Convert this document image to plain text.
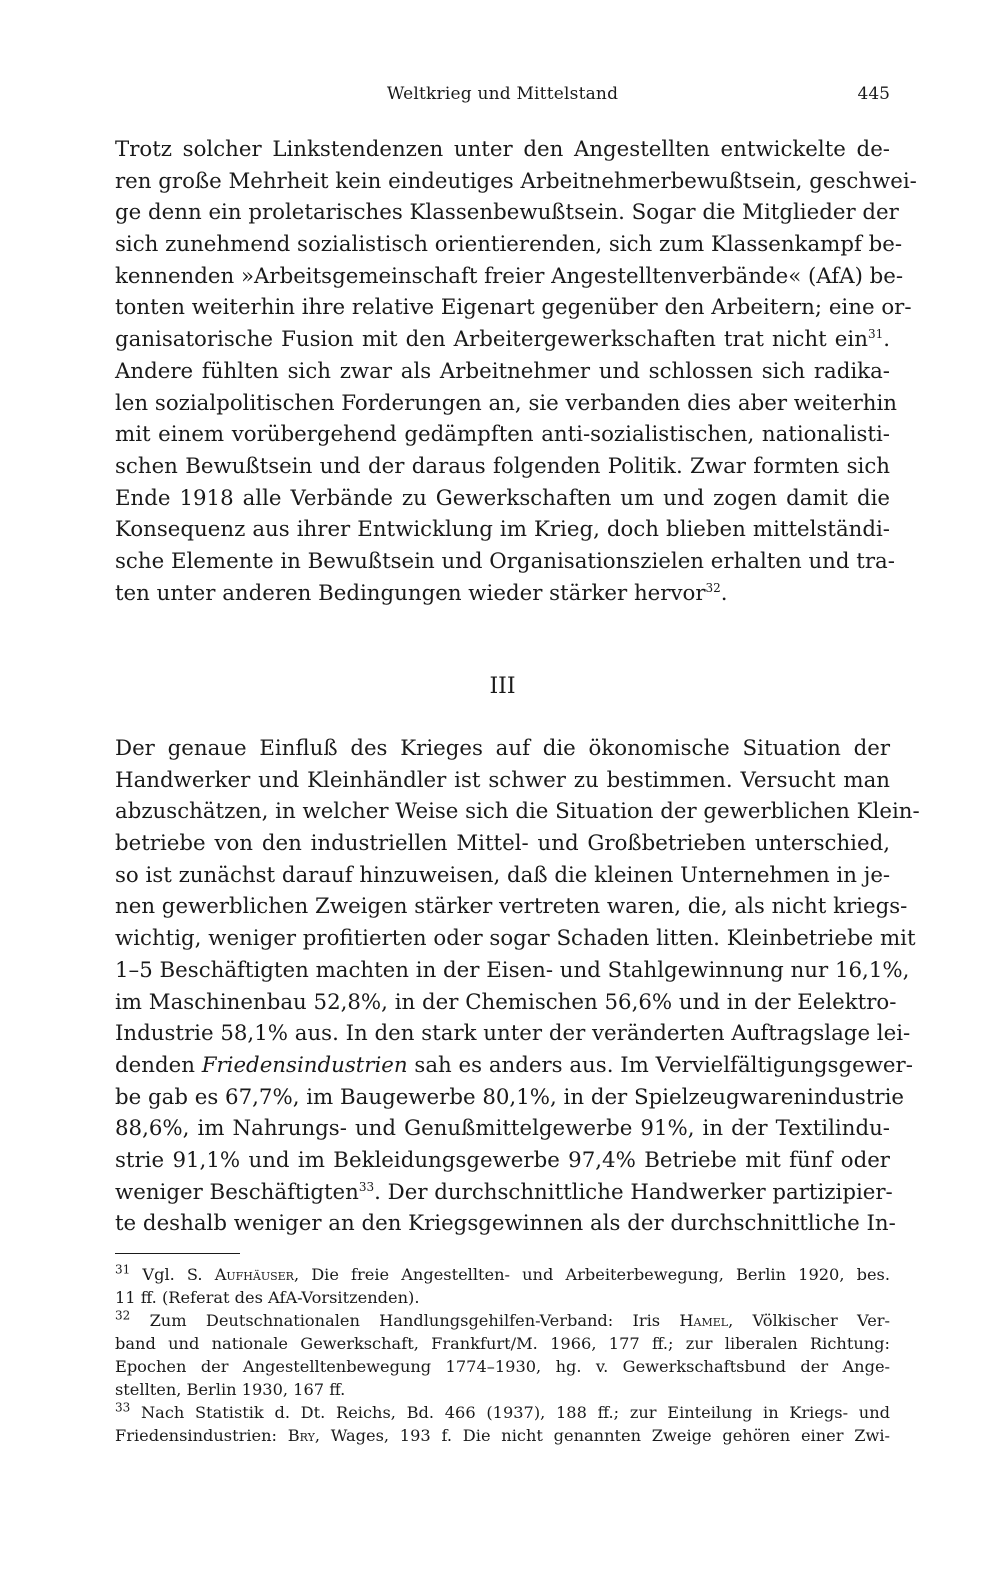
Weltkrieg und Mittelstand	445
Trotz solcher Linkstendenzen unter den Angestellten entwickelte de-
ren große Mehrheit kein eindeutiges Arbeitnehmerbewußtsein, geschwei-
ge denn ein proletarisches Klassenbewußtsein. Sogar die Mitglieder der
sich zunehmend sozialistisch orientierenden, sich zum Klassenkampf be-
kennenden »Arbeitsgemeinschaft freier Angestelltenverbände« (AfA) be-
tonten weiterhin ihre relative Eigenart gegenüber den Arbeitern; eine or-
ganisatorische Fusion mit den Arbeitergewerkschaften trat nicht ein$^{31}$.
Andere fühlten sich zwar als Arbeitnehmer und schlossen sich radika-
len sozialpolitischen Forderungen an, sie verbanden dies aber weiterhin
mit einem vorübergehend gedämpften anti-sozialistischen, nationalisti-
schen Bewußtsein und der daraus folgenden Politik. Zwar formten sich
Ende 1918 alle Verbände zu Gewerkschaften um und zogen damit die
Konsequenz aus ihrer Entwicklung im Krieg, doch blieben mittelständi-
sche Elemente in Bewußtsein und Organisationszielen erhalten und tra-
ten unter anderen Bedingungen wieder stärker hervor$^{32}$.
III
Der genaue Einfluß des Krieges auf die ökonomische Situation der
Handwerker und Kleinhändler ist schwer zu bestimmen. Versucht man
abzuschätzen, in welcher Weise sich die Situation der gewerblichen Klein-
betriebe von den industriellen Mittel- und Großbetrieben unterschied,
so ist zunächst darauf hinzuweisen, daß die kleinen Unternehmen in je-
nen gewerblichen Zweigen stärker vertreten waren, die, als nicht kriegs-
wichtig, weniger profitierten oder sogar Schaden litten. Kleinbetriebe mit
1–5 Beschäftigten machten in der Eisen- und Stahlgewinnung nur 16,1%,
im Maschinenbau 52,8%, in der Chemischen 56,6% und in der Eelektro-
Industrie 58,1% aus. In den stark unter der veränderten Auftragslage lei-
denden Friedensindustrien sah es anders aus. Im Vervielfältigungsgewer-
be gab es 67,7%, im Baugewerbe 80,1%, in der Spielzeugwarenindustrie
88,6%, im Nahrungs- und Genußmittelgewerbe 91%, in der Textilindu-
strie 91,1% und im Bekleidungsgewerbe 97,4% Betriebe mit fünf oder
weniger Beschäftigten$^{33}$. Der durchschnittliche Handwerker partizipier-
te deshalb weniger an den Kriegsgewinnen als der durchschnittliche In-
$^{31}$ Vgl. S. Aufhäuser, Die freie Angestellten- und Arbeiterbewegung, Berlin 1920, bes.
11 ff. (Referat des AfA-Vorsitzenden).
$^{32}$ Zum Deutschnationalen Handlungsgehilfen-Verband: Iris Hamel, Völkischer Ver-
band und nationale Gewerkschaft, Frankfurt/M. 1966, 177 ff.; zur liberalen Richtung:
Epochen der Angestelltenbewegung 1774–1930, hg. v. Gewerkschaftsbund der Ange-
stellten, Berlin 1930, 167 ff.
$^{33}$ Nach Statistik d. Dt. Reichs, Bd. 466 (1937), 188 ff.; zur Einteilung in Kriegs- und
Friedensindustrien: Bry, Wages, 193 f. Die nicht genannten Zweige gehören einer Zwi-
